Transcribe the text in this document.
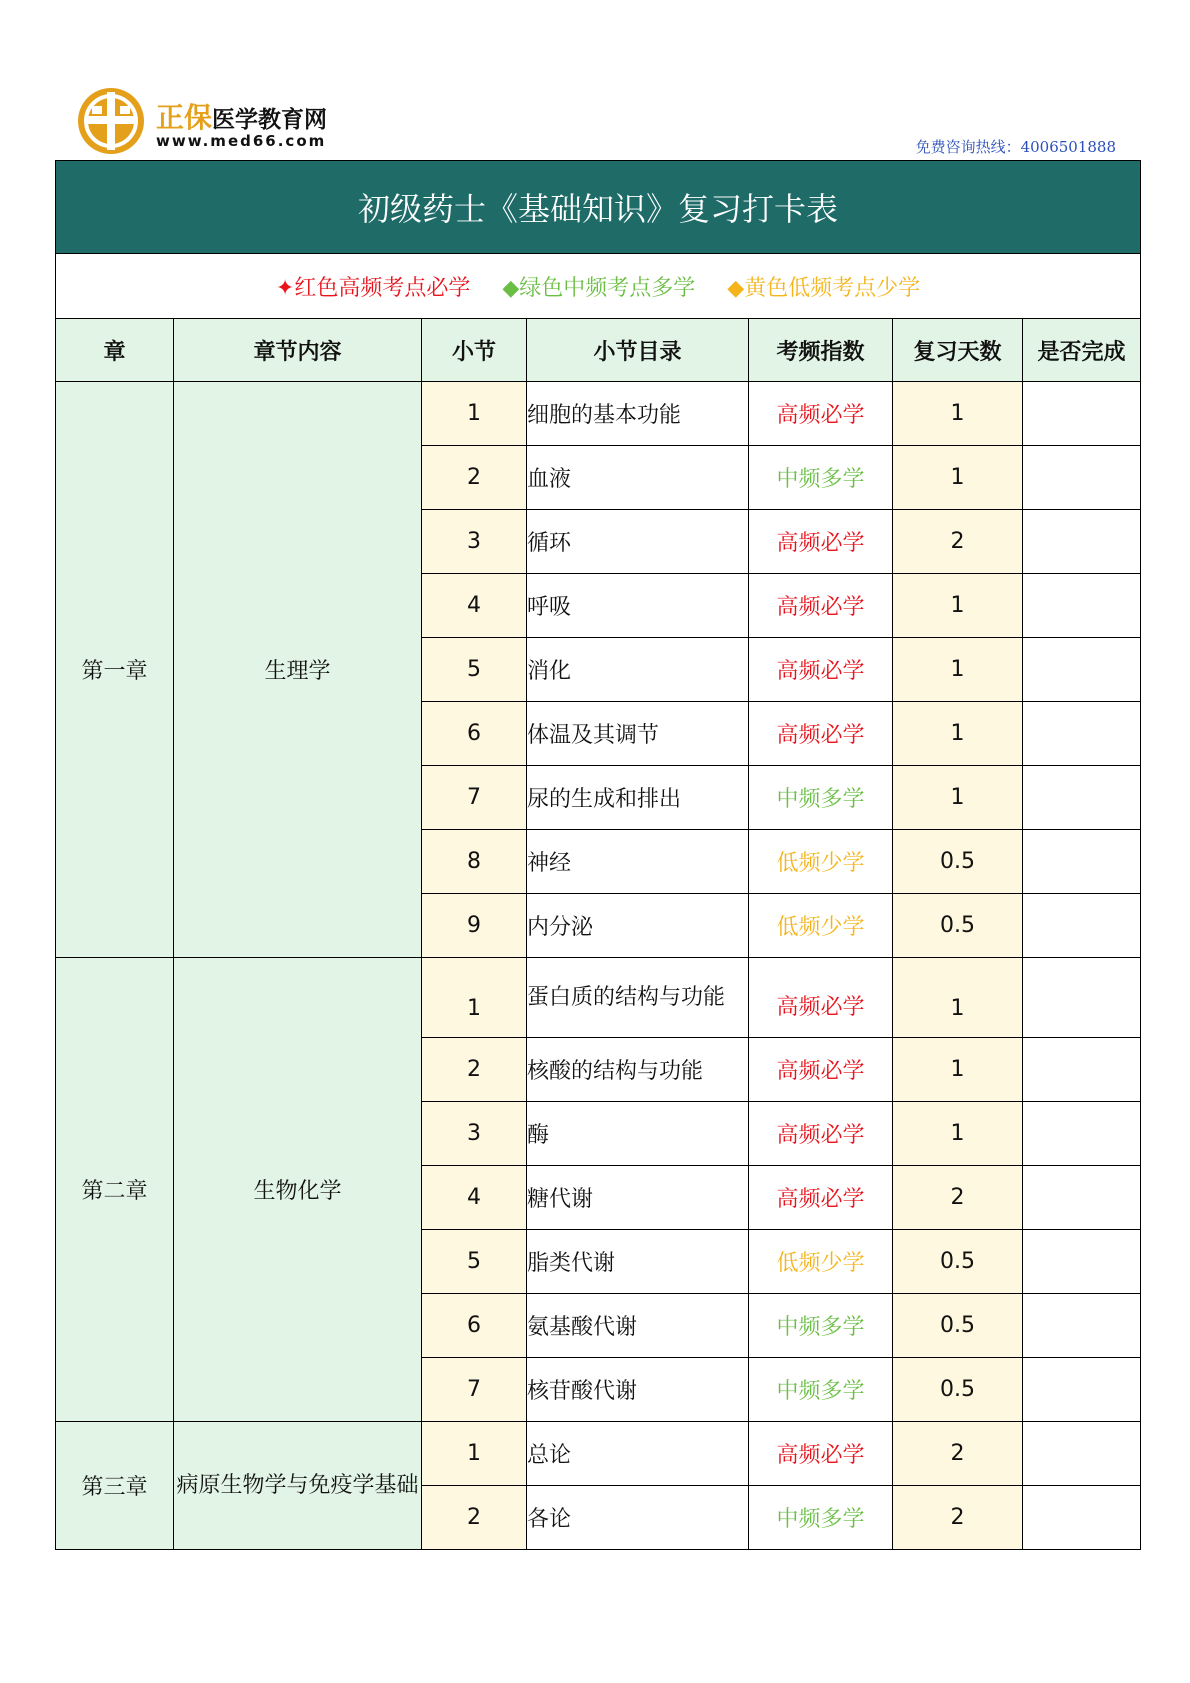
正保医学教育网
www.med66.com	免费咨询热线：4006501888
初级药士《基础知识》复习打卡表						
✦红色高频考点必学 ◆绿色中频考点多学 ◆黄色低频考点少学						
章	章节内容	小节	小节目录	考频指数	复习天数	是否完成
第一章	生理学	1	细胞的基本功能	高频必学	1	
		2	血液	中频多学	1	
		3	循环	高频必学	2	
		4	呼吸	高频必学	1	
		5	消化	高频必学	1	
		6	体温及其调节	高频必学	1	
		7	尿的生成和排出	中频多学	1	
		8	神经	低频少学	0.5	
		9	内分泌	低频少学	0.5	
第二章	生物化学	1	蛋白质的结构与功能	高频必学	1	
		2	核酸的结构与功能	高频必学	1	
		3	酶	高频必学	1	
		4	糖代谢	高频必学	2	
		5	脂类代谢	低频少学	0.5	
		6	氨基酸代谢	中频多学	0.5	
		7	核苷酸代谢	中频多学	0.5	
第三章	病原生物学与免疫学基础	1	总论	高频必学	2	
		2	各论	中频多学	2	
